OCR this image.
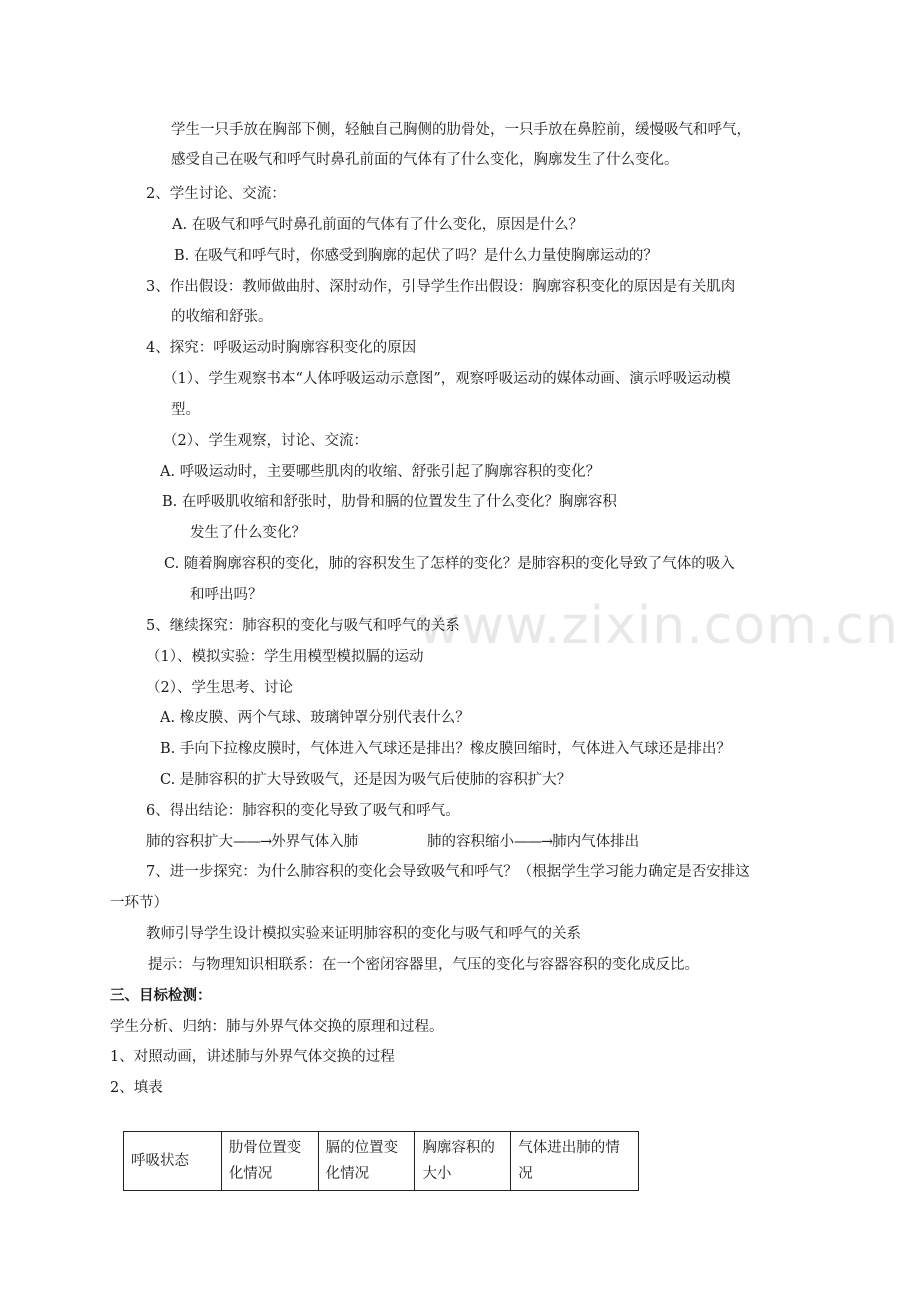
www.zixin.com.cn
学生一只手放在胸部下侧，轻触自己胸侧的肋骨处，一只手放在鼻腔前，缓慢吸气和呼气，
感受自己在吸气和呼气时鼻孔前面的气体有了什么变化，胸廓发生了什么变化。
2、学生讨论、交流：
A. 在吸气和呼气时鼻孔前面的气体有了什么变化，原因是什么？
B. 在吸气和呼气时，你感受到胸廓的起伏了吗？是什么力量使胸廓运动的？
3、作出假设：教师做曲肘、深肘动作，引导学生作出假设：胸廓容积变化的原因是有关肌肉
的收缩和舒张。
4、探究：呼吸运动时胸廓容积变化的原因
（1）、学生观察书本“人体呼吸运动示意图”，观察呼吸运动的媒体动画、演示呼吸运动模
型。
（2）、学生观察，讨论、交流：
A. 呼吸运动时，主要哪些肌肉的收缩、舒张引起了胸廓容积的变化？
B. 在呼吸肌收缩和舒张时，肋骨和膈的位置发生了什么变化？胸廓容积
发生了什么变化？
C. 随着胸廓容积的变化，肺的容积发生了怎样的变化？是肺容积的变化导致了气体的吸入
和呼出吗？
5、继续探究：肺容积的变化与吸气和呼气的关系
（1）、模拟实验：学生用模型模拟膈的运动
（2）、学生思考、讨论
A. 橡皮膜、两个气球、玻璃钟罩分别代表什么？
B. 手向下拉橡皮膜时，气体进入气球还是排出？橡皮膜回缩时，气体进入气球还是排出？
C. 是肺容积的扩大导致吸气，还是因为吸气后使肺的容积扩大？
6、得出结论：肺容积的变化导致了吸气和呼气。
肺的容积扩大——→外界气体入肺	肺的容积缩小——→肺内气体排出
7、进一步探究：为什么肺容积的变化会导致吸气和呼气？（根据学生学习能力确定是否安排这
一环节）
教师引导学生设计模拟实验来证明肺容积的变化与吸气和呼气的关系
提示：与物理知识相联系：在一个密闭容器里，气压的变化与容器容积的变化成反比。
三、目标检测：
学生分析、归纳：肺与外界气体交换的原理和过程。
1、对照动画，讲述肺与外界气体交换的过程
2、填表
呼吸状态	肋骨位置变化情况	膈的位置变化情况	胸廓容积的大小	气体进出肺的情况
